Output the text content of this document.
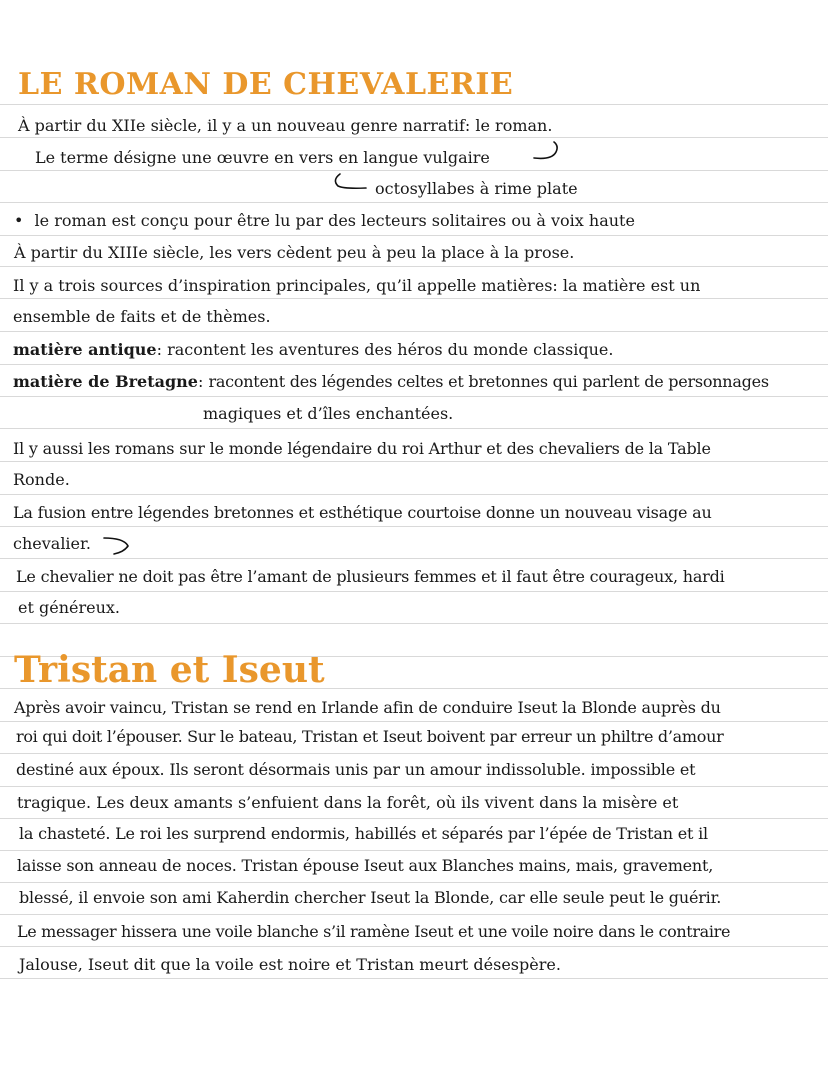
LE ROMAN DE CHEVALERIE
À partir du XIIe siècle, il y a un nouveau genre narratif: le roman.
Le terme désigne une œuvre en vers en langue vulgaire
octosyllabes à rime plate
• le roman est conçu pour être lu par des lecteurs solitaires ou à voix haute
À partir du XIIIe siècle, les vers cèdent peu à peu la place à la prose.
Il y a trois sources d’inspiration principales, qu’il appelle matières: la matière est un
ensemble de faits et de thèmes.
matière antique: racontent les aventures des héros du monde classique.
matière de Bretagne: racontent des légendes celtes et bretonnes qui parlent de personnages
magiques et d’îles enchantées.
Il y aussi les romans sur le monde légendaire du roi Arthur et des chevaliers de la Table
Ronde.
La fusion entre légendes bretonnes et esthétique courtoise donne un nouveau visage au
chevalier.
Le chevalier ne doit pas être l’amant de plusieurs femmes et il faut être courageux, hardi
et généreux.
Tristan et Iseut
Après avoir vaincu, Tristan se rend en Irlande afin de conduire Iseut la Blonde auprès du
roi qui doit l’épouser. Sur le bateau, Tristan et Iseut boivent par erreur un philtre d’amour
destiné aux époux. Ils seront désormais unis par un amour indissoluble. impossible et
tragique. Les deux amants s’enfuient dans la forêt, où ils vivent dans la misère et
la chasteté. Le roi les surprend endormis, habillés et séparés par l’épée de Tristan et il
laisse son anneau de noces. Tristan épouse Iseut aux Blanches mains, mais, gravement,
blessé, il envoie son ami Kaherdin chercher Iseut la Blonde, car elle seule peut le guérir.
Le messager hissera une voile blanche s’il ramène Iseut et une voile noire dans le contraire
Jalouse, Iseut dit que la voile est noire et Tristan meurt désespère.
